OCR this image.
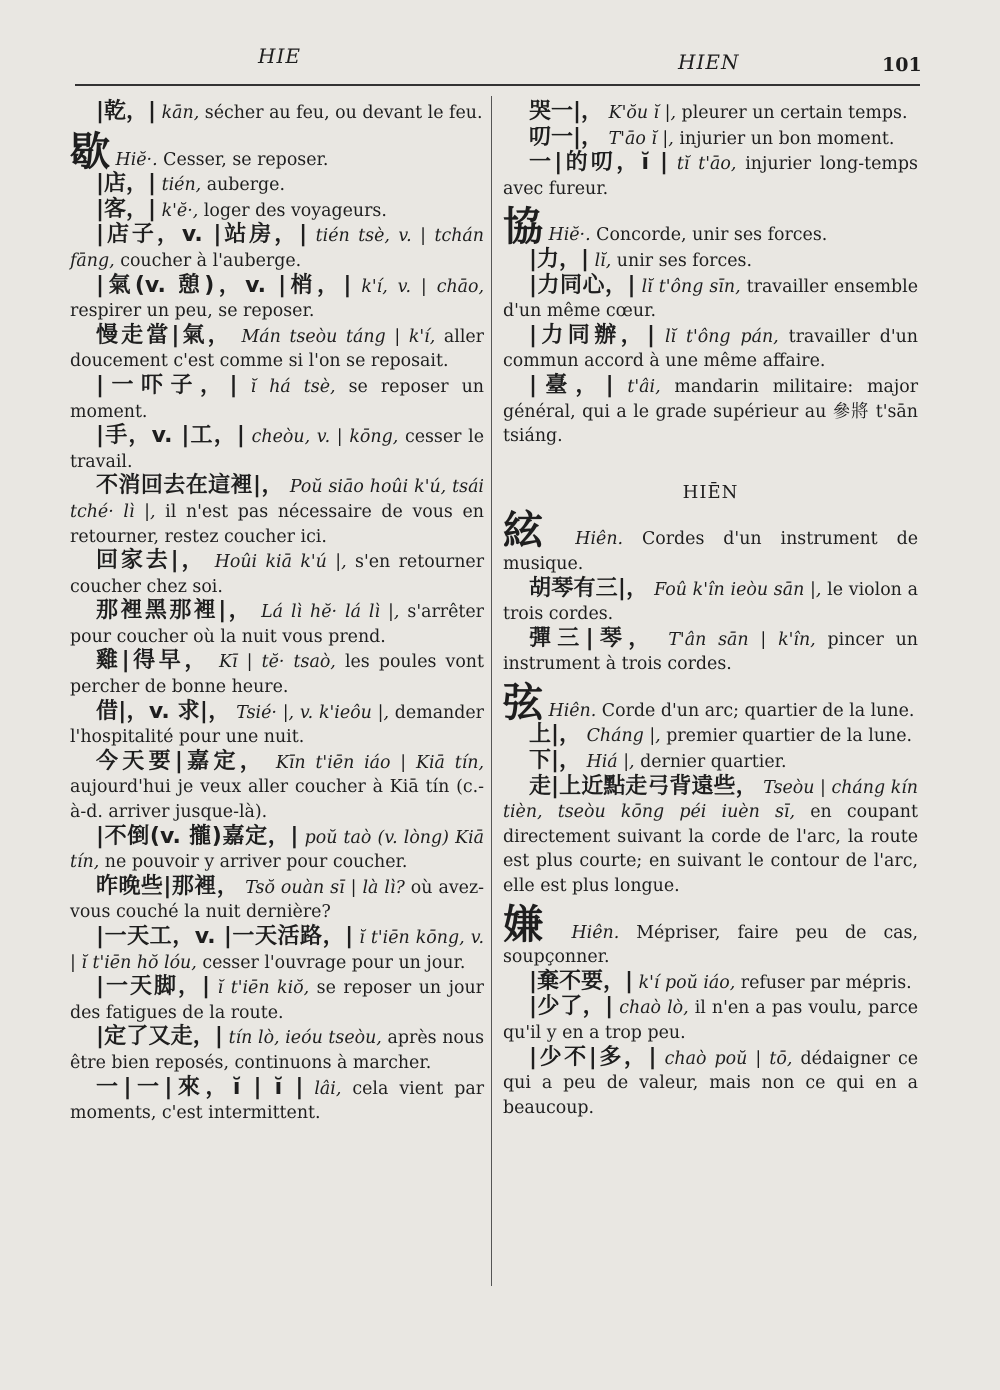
HIE	HIEN	101
|乾，| kān, sécher au feu, ou devant le feu.
歇 Hiĕ·. Cesser, se reposer.
|店，| tién, auberge.
|客，| k'ĕ·, loger des voyageurs.
|店子，v. |站房，| tién tsè, v. | tchán fāng, coucher à l'auberge.
|氣(v. 憩)，v. |梢，| k'í, v. | chāo, respirer un peu, se reposer.
慢走當|氣， Mán tseòu táng | k'í, aller doucement c'est comme si l'on se reposait.
|一吓子，| ĭ há tsè, se reposer un moment.
|手，v. |工，| cheòu, v. | kōng, cesser le travail.
不消回去在這裡|， Poŭ siāo hoûi k'ú, tsái tché· lì |, il n'est pas nécessaire de vous en retourner, restez coucher ici.
回家去|， Hoûi kiā k'ú |, s'en retourner coucher chez soi.
那裡黑那裡|， Lá lì hĕ· lá lì |, s'arrêter pour coucher où la nuit vous prend.
雞|得早， Kī | tĕ· tsaò, les poules vont percher de bonne heure.
借|，v. 求|， Tsié· |, v. k'ieôu |, demander l'hospitalité pour une nuit.
今天要|嘉定， Kīn t'iēn iáo | Kiā tín, aujourd'hui je veux aller coucher à Kiā tín (c.-à-d. arriver jusque-là).
|不倒(v. 攏)嘉定，| poŭ taò (v. lòng) Kiā tín, ne pouvoir y arriver pour coucher.
昨晚些|那裡， Tsŏ ouàn sī | là lì? où avez-vous couché la nuit dernière?
|一天工，v. |一天活路，| ĭ t'iēn kōng, v. | ĭ t'iēn hŏ lóu, cesser l'ouvrage pour un jour.
|一天脚，| ĭ t'iēn kiŏ, se reposer un jour des fatigues de la route.
|定了又走，| tín lò, ieóu tseòu, après nous être bien reposés, continuons à marcher.
一|一|來，ĭ | ĭ | lâi, cela vient par moments, c'est intermittent.
哭一|， K'ŏu ĭ |, pleurer un certain temps.
叨一|， T'āo ĭ |, injurier un bon moment.
一|的叨，ĭ | tĭ t'āo, injurier long-temps avec fureur.
協 Hiĕ·. Concorde, unir ses forces.
|力，| lĭ, unir ses forces.
|力同心，| lĭ t'ông sīn, travailler ensemble d'un même cœur.
|力同辦，| lĭ t'ông pán, travailler d'un commun accord à une même affaire.
|臺，| t'âi, mandarin militaire: major général, qui a le grade supérieur au 參將 t'sān tsiáng.
HIĒN
絃 Hiên. Cordes d'un instrument de musique.
胡琴有三|， Foû k'în ieòu sān |, le violon a trois cordes.
彈三|琴， T'ân sān | k'în, pincer un instrument à trois cordes.
弦 Hiên. Corde d'un arc; quartier de la lune.
上|， Cháng |, premier quartier de la lune.
下|， Hiá |, dernier quartier.
走|上近點走弓背遠些， Tseòu | cháng kín tièn, tseòu kōng péi iuèn sī, en coupant directement suivant la corde de l'arc, la route est plus courte; en suivant le contour de l'arc, elle est plus longue.
嫌 Hiên. Mépriser, faire peu de cas, soupçonner.
|棄不要，| k'í poŭ iáo, refuser par mépris.
|少了，| chaò lò, il n'en a pas voulu, parce qu'il y en a trop peu.
|少不|多，| chaò poŭ | tō, dédaigner ce qui a peu de valeur, mais non ce qui en a beaucoup.
